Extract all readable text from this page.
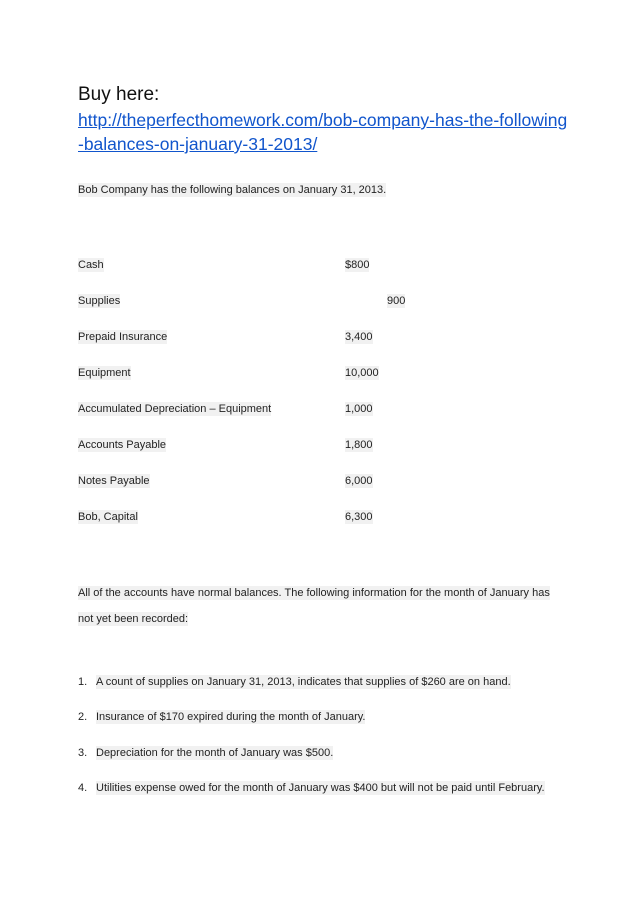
Buy here:
http://theperfecthomework.com/bob-company-has-the-following-balances-on-january-31-2013/
Bob Company has the following balances on January 31, 2013.
Cash	$800
Supplies	900
Prepaid Insurance	3,400
Equipment	10,000
Accumulated Depreciation – Equipment	1,000
Accounts Payable	1,800
Notes Payable	6,000
Bob, Capital	6,300
All of the accounts have normal balances. The following information for the month of January has not yet been recorded:
1. A count of supplies on January 31, 2013, indicates that supplies of $260 are on hand.
2. Insurance of $170 expired during the month of January.
3. Depreciation for the month of January was $500.
4. Utilities expense owed for the month of January was $400 but will not be paid until February.
